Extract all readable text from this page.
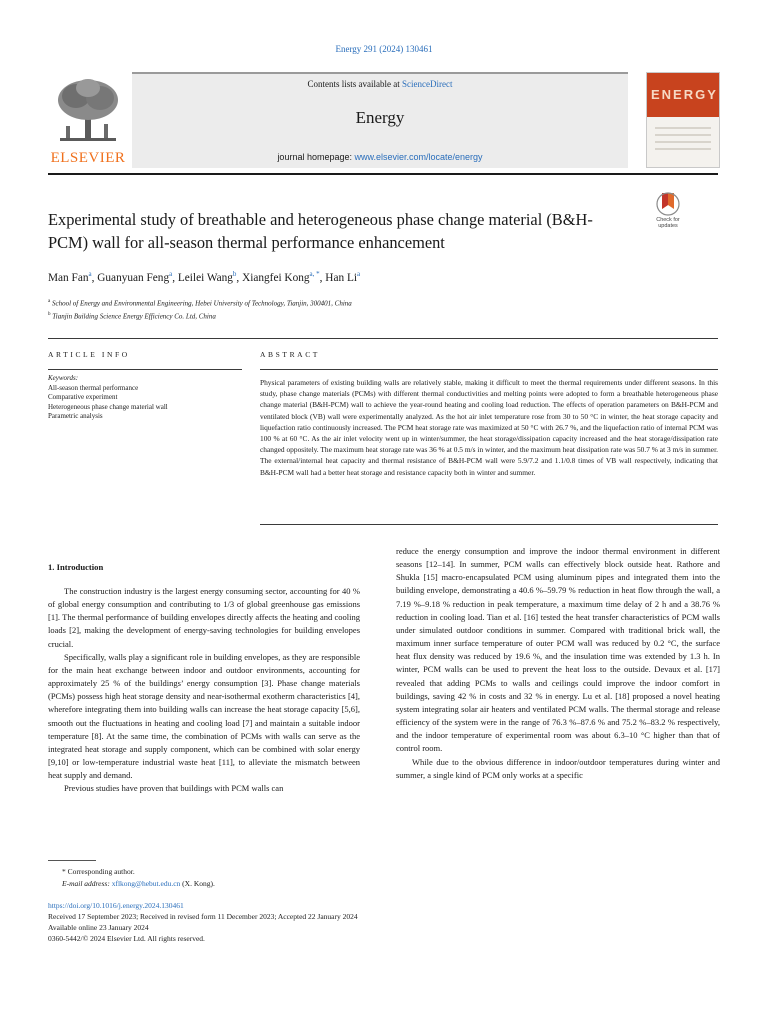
Energy 291 (2024) 130461
ELSEVIER
Contents lists available at ScienceDirect
Energy
journal homepage: www.elsevier.com/locate/energy
ENERGY
Experimental study of breathable and heterogeneous phase change material (B&H-PCM) wall for all-season thermal performance enhancement
Check for
updates
Man Fan$^a$, Guanyuan Feng$^a$, Leilei Wang$^b$, Xiangfei Kong$^{a, *}$, Han Li$^a$
$^a$ School of Energy and Environmental Engineering, Hebei University of Technology, Tianjin, 300401, China
$^b$ Tianjin Building Science Energy Efficiency Co. Ltd, China
ARTICLE INFO	ABSTRACT
Keywords:
All-season thermal performance
Comparative experiment
Heterogeneous phase change material wall
Parametric analysis
Physical parameters of existing building walls are relatively stable, making it difficult to meet the thermal requirements under different seasons. In this study, phase change materials (PCMs) with different thermal conductivities and melting points were adopted to form a breathable heterogeneous phase change material (B&H-PCM) wall to achieve the year-round heating and cooling load reduction. The effects of operation parameters on B&H-PCM and ventilated block (VB) wall were experimentally analyzed. As the hot air inlet temperature rose from 30 to 50 °C in winter, the heat storage capacity and liquefaction ratio continuously increased. The PCM heat storage rate was maximized at 50 °C with 26.7 %, and the liquefaction ratio of internal PCM was 100 % at 60 °C. As the air inlet velocity went up in winter/summer, the heat storage/dissipation capacity increased and the heat storage/dissipation rate changed oppositely. The maximum heat storage rate was 36 % at 0.5 m/s in winter, and the maximum heat dissipation rate was 50.7 % at 3 m/s in summer. The external/internal heat capacity and thermal resistance of B&H-PCM wall were 5.9/7.2 and 1.1/0.8 times of VB wall respectively, indicating that B&H-PCM wall had a better heat storage and resistance capacity both in winter and summer.
1. Introduction

The construction industry is the largest energy consuming sector, accounting for 40 % of global energy consumption and contributing to 1/3 of global greenhouse gas emissions [1]. The thermal performance of building envelopes directly affects the heating and cooling loads [2], making the development of energy-saving technologies for building envelopes crucial.

Specifically, walls play a significant role in building envelopes, as they are responsible for the main heat exchange between indoor and outdoor environments, accounting for approximately 25 % of the buildings’ energy consumption [3]. Phase change materials (PCMs) possess high heat storage density and near-isothermal exotherm characteristics [4], wherefore integrating them into building walls can increase the heat storage capacity [5,6], smooth out the fluctuations in heating and cooling load [7] and maintain a suitable indoor temperature [8]. At the same time, the combination of PCMs with walls can serve as the integrated heat storage and supply component, which can be combined with solar energy [9,10] or low-temperature industrial waste heat [11], to alleviate the mismatch between heat supply and demand.

Previous studies have proven that buildings with PCM walls can

reduce the energy consumption and improve the indoor thermal environment in different seasons [12–14]. In summer, PCM walls can effectively block outside heat. Rathore and Shukla [15] macro-encapsulated PCM using aluminum pipes and integrated them into the building envelope, demonstrating a 40.6 %–59.79 % reduction in heat flow through the wall, a 7.19 %–9.18 % reduction in peak temperature, a maximum time delay of 2 h and a 38.76 % reduction in cooling load. Tian et al. [16] tested the heat transfer characteristics of PCM walls under simulated outdoor conditions in summer. Compared with traditional brick wall, the maximum inner surface temperature of outer PCM wall was reduced by 0.2 °C, the surface heat flux density was reduced by 19.6 %, and the insulation time was extended by 1.3 h. In winter, PCM walls can be used to prevent the heat loss to the outside. Devaux et al. [17] revealed that adding PCMs to walls and ceilings could improve the indoor comfort in buildings, saving 42 % in costs and 32 % in energy. Lu et al. [18] proposed a novel heating system integrating solar air heaters and ventilated PCM walls. The thermal storage and release efficiency of the system were in the range of 76.3 %–87.6 % and 75.2 %–83.2 % respectively, and the indoor temperature of experimental room was about 6.3–10 °C higher than that of control room.

While due to the obvious difference in indoor/outdoor temperatures during winter and summer, a single kind of PCM only works at a specific

* Corresponding author.
E-mail address: xflkong@hebut.edu.cn (X. Kong).
https://doi.org/10.1016/j.energy.2024.130461
Received 17 September 2023; Received in revised form 11 December 2023; Accepted 22 January 2024
Available online 23 January 2024
0360-5442/© 2024 Elsevier Ltd. All rights reserved.
